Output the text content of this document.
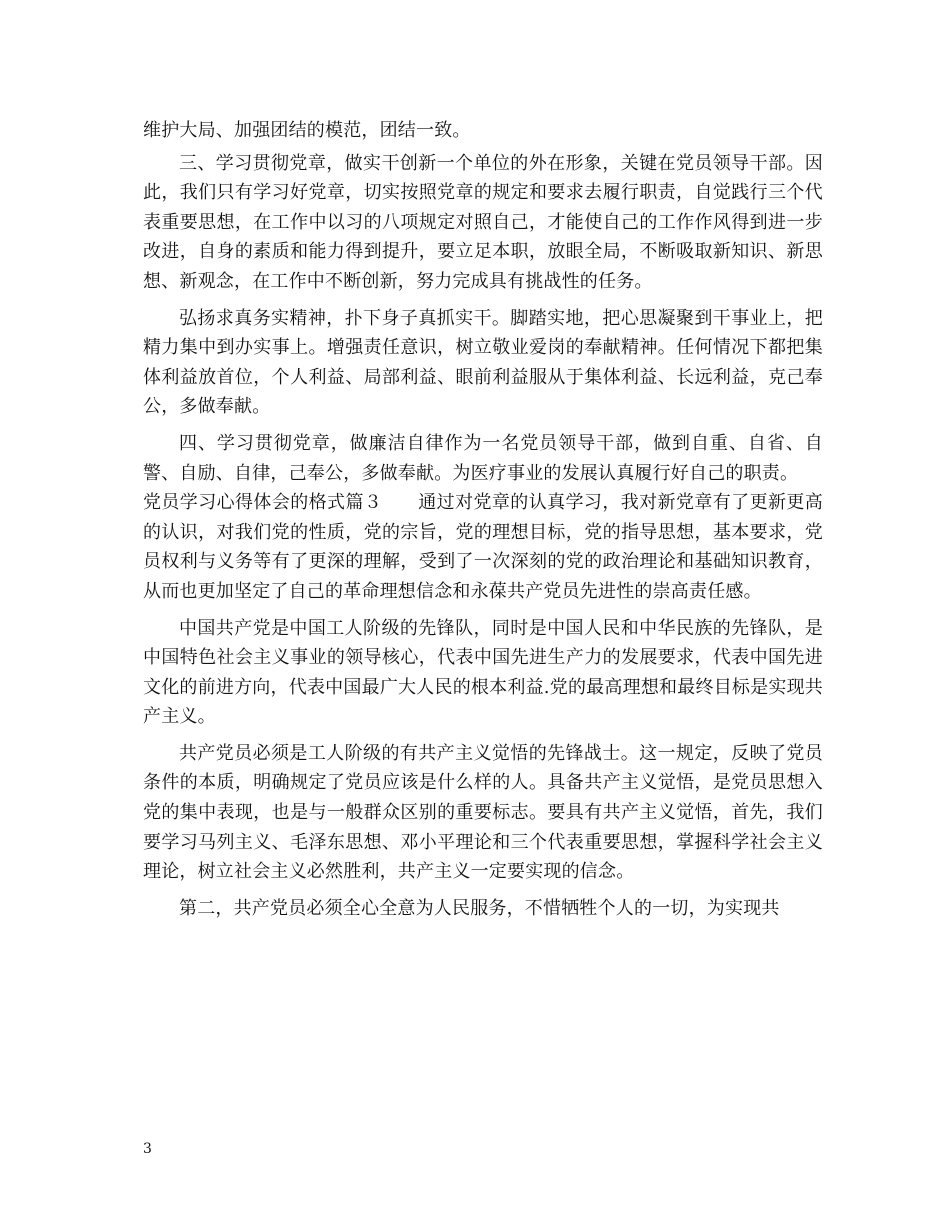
维护大局、加强团结的模范，团结一致。

三、学习贯彻党章，做实干创新一个单位的外在形象，关键在党员领导干部。因此，我们只有学习好党章，切实按照党章的规定和要求去履行职责，自觉践行三个代表重要思想，在工作中以习的八项规定对照自己，才能使自己的工作作风得到进一步改进，自身的素质和能力得到提升，要立足本职，放眼全局，不断吸取新知识、新思想、新观念，在工作中不断创新，努力完成具有挑战性的任务。

弘扬求真务实精神，扑下身子真抓实干。脚踏实地，把心思凝聚到干事业上，把精力集中到办实事上。增强责任意识，树立敬业爱岗的奉献精神。任何情况下都把集体利益放首位，个人利益、局部利益、眼前利益服从于集体利益、长远利益，克己奉公，多做奉献。

四、学习贯彻党章，做廉洁自律作为一名党员领导干部，做到自重、自省、自警、自励、自律，己奉公，多做奉献。为医疗事业的发展认真履行好自己的职责。

党员学习心得体会的格式篇３ 通过对党章的认真学习，我对新党章有了更新更高的认识，对我们党的性质，党的宗旨，党的理想目标，党的指导思想，基本要求，党员权利与义务等有了更深的理解，受到了一次深刻的党的政治理论和基础知识教育，从而也更加坚定了自己的革命理想信念和永葆共产党员先进性的崇高责任感。

中国共产党是中国工人阶级的先锋队，同时是中国人民和中华民族的先锋队，是中国特色社会主义事业的领导核心，代表中国先进生产力的发展要求，代表中国先进文化的前进方向，代表中国最广大人民的根本利益.党的最高理想和最终目标是实现共产主义。

共产党员必须是工人阶级的有共产主义觉悟的先锋战士。这一规定，反映了党员条件的本质，明确规定了党员应该是什么样的人。具备共产主义觉悟，是党员思想入党的集中表现，也是与一般群众区别的重要标志。要具有共产主义觉悟，首先，我们要学习马列主义、毛泽东思想、邓小平理论和三个代表重要思想，掌握科学社会主义理论，树立社会主义必然胜利，共产主义一定要实现的信念。

第二，共产党员必须全心全意为人民服务，不惜牺牲个人的一切，为实现共

3
